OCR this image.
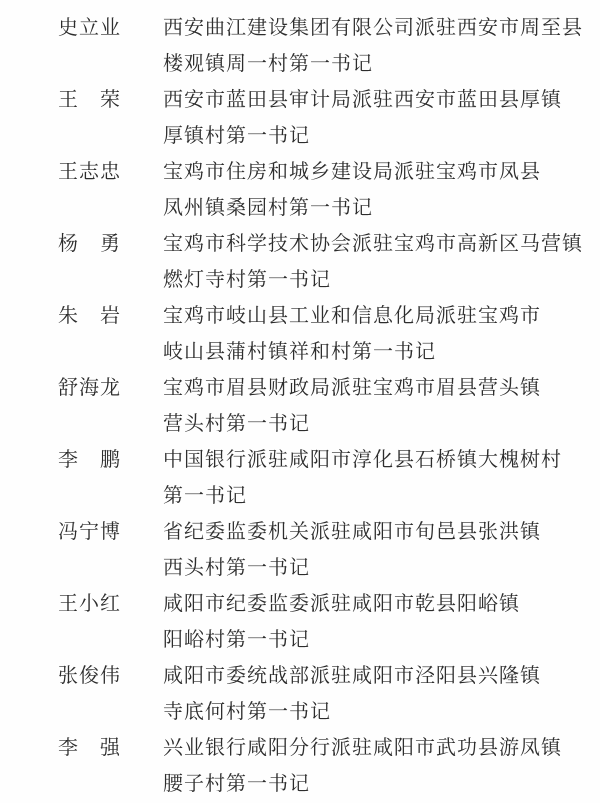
史立业 西安曲江建设集团有限公司派驻西安市周至县
楼观镇周一村第一书记
王　荣 西安市蓝田县审计局派驻西安市蓝田县厚镇
厚镇村第一书记
王志忠 宝鸡市住房和城乡建设局派驻宝鸡市凤县
凤州镇桑园村第一书记
杨　勇 宝鸡市科学技术协会派驻宝鸡市高新区马营镇
燃灯寺村第一书记
朱　岩 宝鸡市岐山县工业和信息化局派驻宝鸡市
岐山县蒲村镇祥和村第一书记
舒海龙 宝鸡市眉县财政局派驻宝鸡市眉县营头镇
营头村第一书记
李　鹏 中国银行派驻咸阳市淳化县石桥镇大槐树村
第一书记
冯宁博 省纪委监委机关派驻咸阳市旬邑县张洪镇
西头村第一书记
王小红 咸阳市纪委监委派驻咸阳市乾县阳峪镇
阳峪村第一书记
张俊伟 咸阳市委统战部派驻咸阳市泾阳县兴隆镇
寺底何村第一书记
李　强 兴业银行咸阳分行派驻咸阳市武功县游凤镇
腰子村第一书记
